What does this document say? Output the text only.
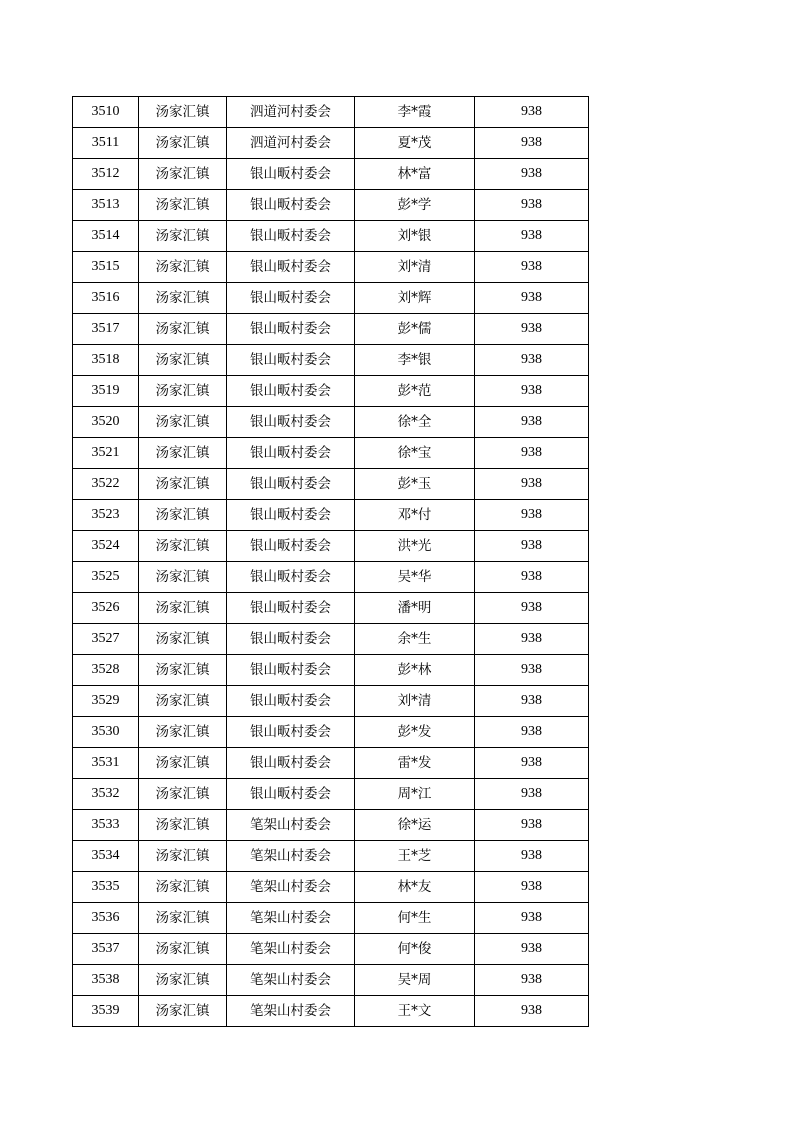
3510	汤家汇镇	泗道河村委会	李*霞	938
3511	汤家汇镇	泗道河村委会	夏*茂	938
3512	汤家汇镇	银山畈村委会	林*富	938
3513	汤家汇镇	银山畈村委会	彭*学	938
3514	汤家汇镇	银山畈村委会	刘*银	938
3515	汤家汇镇	银山畈村委会	刘*清	938
3516	汤家汇镇	银山畈村委会	刘*辉	938
3517	汤家汇镇	银山畈村委会	彭*儒	938
3518	汤家汇镇	银山畈村委会	李*银	938
3519	汤家汇镇	银山畈村委会	彭*范	938
3520	汤家汇镇	银山畈村委会	徐*全	938
3521	汤家汇镇	银山畈村委会	徐*宝	938
3522	汤家汇镇	银山畈村委会	彭*玉	938
3523	汤家汇镇	银山畈村委会	邓*付	938
3524	汤家汇镇	银山畈村委会	洪*光	938
3525	汤家汇镇	银山畈村委会	吴*华	938
3526	汤家汇镇	银山畈村委会	潘*明	938
3527	汤家汇镇	银山畈村委会	余*生	938
3528	汤家汇镇	银山畈村委会	彭*林	938
3529	汤家汇镇	银山畈村委会	刘*清	938
3530	汤家汇镇	银山畈村委会	彭*发	938
3531	汤家汇镇	银山畈村委会	雷*发	938
3532	汤家汇镇	银山畈村委会	周*江	938
3533	汤家汇镇	笔架山村委会	徐*运	938
3534	汤家汇镇	笔架山村委会	王*芝	938
3535	汤家汇镇	笔架山村委会	林*友	938
3536	汤家汇镇	笔架山村委会	何*生	938
3537	汤家汇镇	笔架山村委会	何*俊	938
3538	汤家汇镇	笔架山村委会	吴*周	938
3539	汤家汇镇	笔架山村委会	王*文	938
